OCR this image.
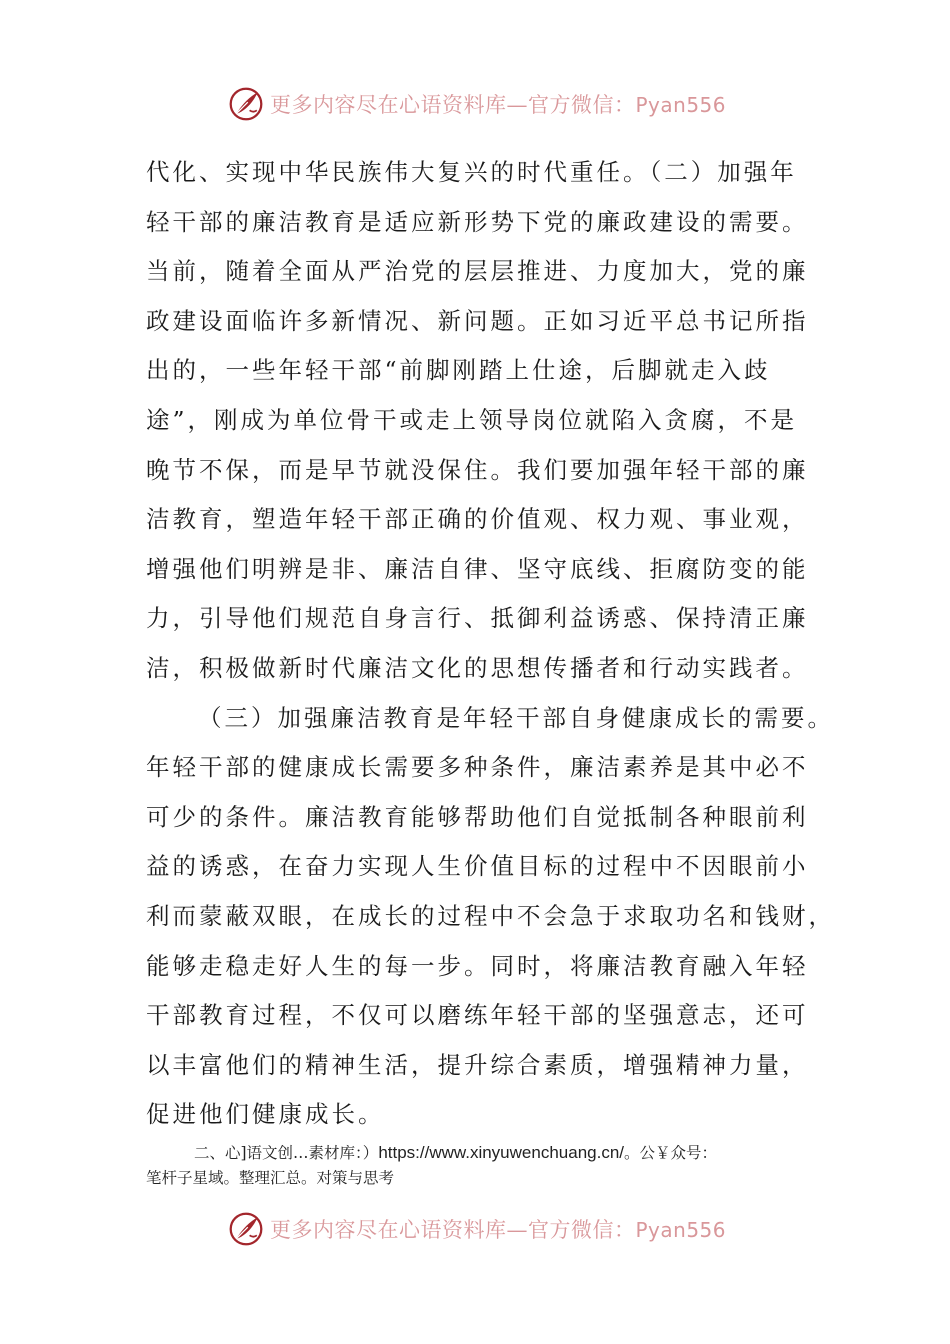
更多内容尽在心语资料库—官方微信：Pyan556
代化、实现中华民族伟大复兴的时代重任。（二）加强年
轻干部的廉洁教育是适应新形势下党的廉政建设的需要。
当前，随着全面从严治党的层层推进、力度加大，党的廉
政建设面临许多新情况、新问题。正如习近平总书记所指
出的，一些年轻干部“前脚刚踏上仕途，后脚就走入歧
途”，刚成为单位骨干或走上领导岗位就陷入贪腐，不是
晚节不保，而是早节就没保住。我们要加强年轻干部的廉
洁教育，塑造年轻干部正确的价值观、权力观、事业观，
增强他们明辨是非、廉洁自律、坚守底线、拒腐防变的能
力，引导他们规范自身言行、抵御利益诱惑、保持清正廉
洁，积极做新时代廉洁文化的思想传播者和行动实践者。
（三）加强廉洁教育是年轻干部自身健康成长的需要。
年轻干部的健康成长需要多种条件，廉洁素养是其中必不
可少的条件。廉洁教育能够帮助他们自觉抵制各种眼前利
益的诱惑，在奋力实现人生价值目标的过程中不因眼前小
利而蒙蔽双眼，在成长的过程中不会急于求取功名和钱财，
能够走稳走好人生的每一步。同时，将廉洁教育融入年轻
干部教育过程，不仅可以磨练年轻干部的坚强意志，还可
以丰富他们的精神生活，提升综合素质，增强精神力量，
促进他们健康成长。
二、心]语文创…素材库：）https://www.xinyuwenchuang.cn/。公￥众号：
笔杆子星域。整理汇总。对策与思考
更多内容尽在心语资料库—官方微信：Pyan556
